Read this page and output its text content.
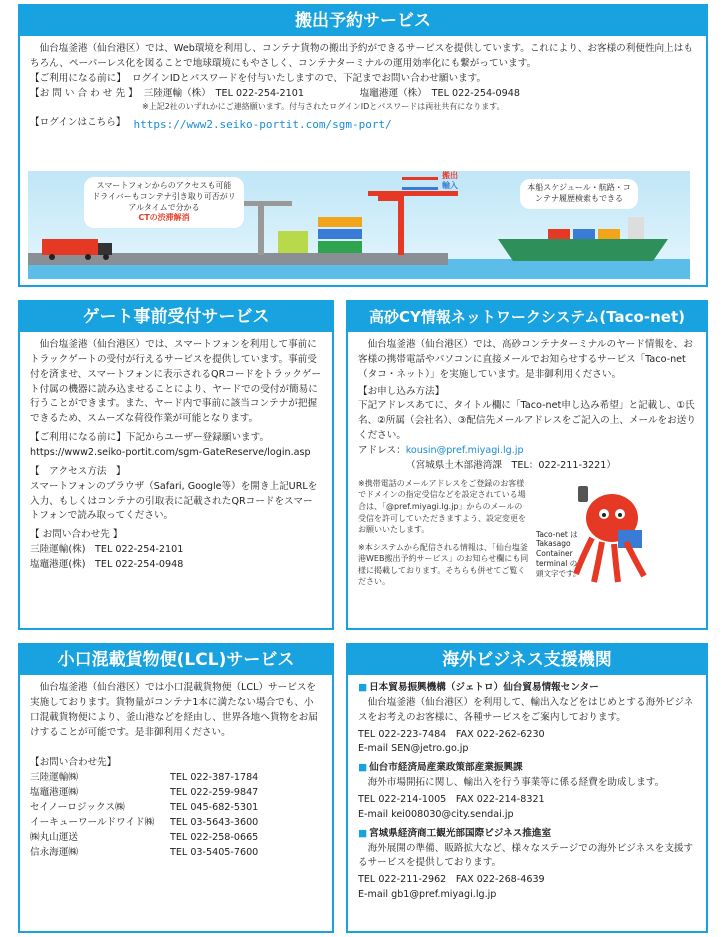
搬出予約サービス

仙台塩釜港（仙台港区）では、Web環境を利用し、コンテナ貨物の搬出予約ができるサービスを提供しています。これにより、お客様の利便性向上はもちろん、ペーパーレス化を図ることで地球環境にもやさしく、コンテナターミナルの運用効率化にも繋がっています。

【ご利用になる前に】 ログインIDとパスワードを付与いたしますので、下記までお問い合わせ願います。
【お 問 い 合 わ せ 先 】 三陸運輸（株）　TEL 022-254-2101	塩竈港運（株）　TEL 022-254-0948
※上記2社のいずれかにご連絡願います。付与されたログインIDとパスワードは両社共有になります。
【ログインはこちら】 https://www2.seiko-portit.com/sgm-port/
スマートフォンからのアクセスも可能
ドライバーもコンテナ引き取り可否がリアルタイムで分かる
CTの渋滞解消
搬出
輸入	本船スケジュール・航路・コンテナ履歴検索もできる
ゲート事前受付サービス

仙台塩釜港（仙台港区）では、スマートフォンを利用して事前にトラックゲートの受付が行えるサービスを提供しています。事前受付を済ませ、スマートフォンに表示されるQRコードをトラックゲート付属の機器に読み込ませることにより、ヤードでの受付が簡易に行うことができます。また、ヤード内で事前に該当コンテナが把握できるため、スムーズな荷役作業が可能となります。

【ご利用になる前に】下記からユーザー登録願います。

https://www2.seiko-portit.com/sgm-GateReserve/login.asp

【　アクセス方法　】

スマートフォンのブラウザ（Safari, Google等）を開き上記URLを入力、もしくはコンテナの引取表に記載されたQRコードをスマートフォンで読み取ってください。

【 お問い合わせ先 】

三陸運輸(株)　TEL 022-254-2101

塩竈港運(株)　TEL 022-254-0948

高砂CY情報ネットワークシステム(Taco-net)

仙台塩釜港（仙台港区）では、高砂コンテナターミナルのヤード情報を、お客様の携帯電話やパソコンに直接メールでお知らせするサービス「Taco-net（タコ・ネット）」を実施しています。是非御利用ください。

【お申し込み方法】

下記アドレスあてに、タイトル欄に「Taco-net申し込み希望」と記載し、①氏名、②所属（会社名）、③配信先メールアドレスをご記入の上、メールをお送りください。

アドレス： kousin@pref.miyagi.lg.jp

（宮城県土木部港湾課　TEL：022-211-3221）

※携帯電話のメールアドレスをご登録のお客様でドメインの指定受信などを設定されている場合は、「@pref.miyagi.lg.jp」からのメールの受信を許可していただきますよう、設定変更をお願いいたします。

※本システムから配信される情報は、「仙台塩釜港WEB搬出予約サービス」のお知らせ欄にも同様に掲載しております。そちらも併せてご覧ください。

Taco-net は Takasago Container terminal の頭文字です。

小口混載貨物便(LCL)サービス

仙台塩釜港（仙台港区）では小口混載貨物便（LCL）サービスを実施しております。貨物量がコンテナ1本に満たない場合でも、小口混載貨物便により、釜山港などを経由し、世界各地へ貨物をお届けすることが可能です。是非御利用ください。

【お問い合わせ先】

三陸運輸㈱	TEL 022-387-1784
塩竈港運㈱	TEL 022-259-9847
セイノーロジックス㈱	TEL 045-682-5301
イーキューワールドワイド㈱	TEL 03-5643-3600
㈱丸山運送	TEL 022-258-0665
信永海運㈱	TEL 03-5405-7600
海外ビジネス支援機関

■ 日本貿易振興機構（ジェトロ）仙台貿易情報センター

仙台塩釜港（仙台港区）を利用して、輸出入などをはじめとする海外ビジネスをお考えのお客様に、各種サービスをご案内しております。

TEL 022-223-7484　FAX 022-262-6230

E-mail SEN@jetro.go.jp

■ 仙台市経済局産業政策部産業振興課

海外市場開拓に関し、輸出入を行う事業等に係る経費を助成します。

TEL 022-214-1005　FAX 022-214-8321

E-mail kei008030@city.sendai.jp

■ 宮城県経済商工観光部国際ビジネス推進室

海外展開の準備、販路拡大など、様々なステージでの海外ビジネスを支援するサービスを提供しております。

TEL 022-211-2962　FAX 022-268-4639

E-mail gb1@pref.miyagi.lg.jp
